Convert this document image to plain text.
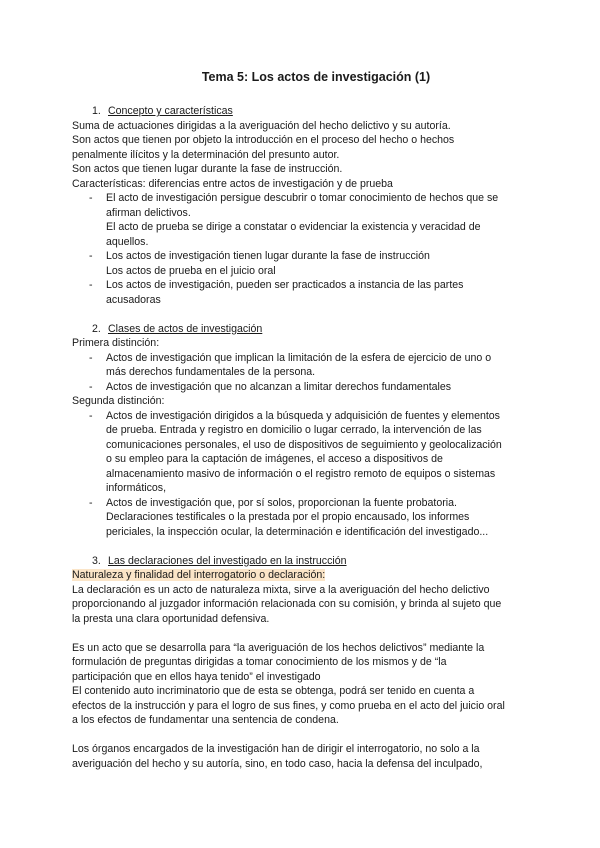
Tema 5: Los actos de investigación (1)
1. Concepto y características

Suma de actuaciones dirigidas a la averiguación del hecho delictivo y su autoría.

Son actos que tienen por objeto la introducción en el proceso del hecho o hechos

penalmente ilícitos y la determinación del presunto autor.

Son actos que tienen lugar durante la fase de instrucción.

Características: diferencias entre actos de investigación y de prueba

- El acto de investigación persigue descubrir o tomar conocimiento de hechos que se
afirman delictivos.
El acto de prueba se dirige a constatar o evidenciar la existencia y veracidad de
aquellos.
- Los actos de investigación tienen lugar durante la fase de instrucción
Los actos de prueba en el juicio oral
- Los actos de investigación, pueden ser practicados a instancia de las partes
acusadoras
2. Clases de actos de investigación

Primera distinción:

- Actos de investigación que implican la limitación de la esfera de ejercicio de uno o
más derechos fundamentales de la persona.
- Actos de investigación que no alcanzan a limitar derechos fundamentales

Segunda distinción:

- Actos de investigación dirigidos a la búsqueda y adquisición de fuentes y elementos
de prueba. Entrada y registro en domicilio o lugar cerrado, la intervención de las
comunicaciones personales, el uso de dispositivos de seguimiento y geolocalización
o su empleo para la captación de imágenes, el acceso a dispositivos de
almacenamiento masivo de información o el registro remoto de equipos o sistemas
informáticos,
- Actos de investigación que, por sí solos, proporcionan la fuente probatoria.
Declaraciones testificales o la prestada por el propio encausado, los informes
periciales, la inspección ocular, la determinación e identificación del investigado...
3. Las declaraciones del investigado en la instrucción

Naturaleza y finalidad del interrogatorio o declaración:

La declaración es un acto de naturaleza mixta, sirve a la averiguación del hecho delictivo

proporcionando al juzgador información relacionada con su comisión, y brinda al sujeto que

la presta una clara oportunidad defensiva.

Es un acto que se desarrolla para “la averiguación de los hechos delictivos” mediante la

formulación de preguntas dirigidas a tomar conocimiento de los mismos y de “la

participación que en ellos haya tenido” el investigado

El contenido auto incriminatorio que de esta se obtenga, podrá ser tenido en cuenta a

efectos de la instrucción y para el logro de sus fines, y como prueba en el acto del juicio oral

a los efectos de fundamentar una sentencia de condena.

Los órganos encargados de la investigación han de dirigir el interrogatorio, no solo a la

averiguación del hecho y su autoría, sino, en todo caso, hacia la defensa del inculpado,
